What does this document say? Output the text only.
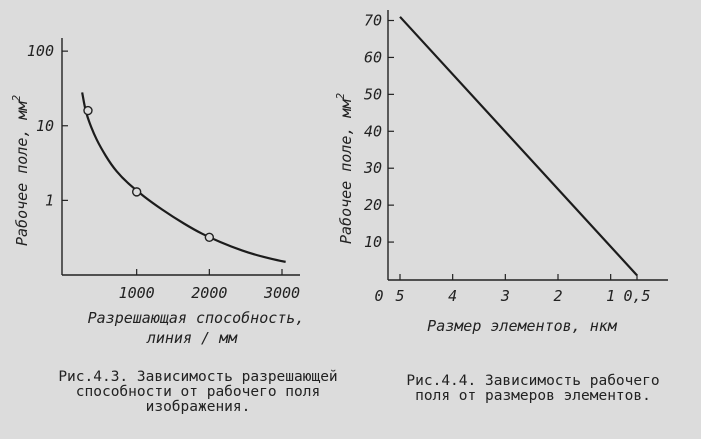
1
10
100
1000 2000 3000
Рабочее поле, $мм^2$
Разрешающая способность,
линия / мм
10
20
30
40
50
60
70
5	4	3	2	1 0,5
0
Рабочее поле, $мм^2$
Размер элементов, нкм
Рис.4.3. Зависимость разрешающей
способности от рабочего поля
изображения.
Рис.4.4. Зависимость рабочего
поля от размеров элементов.
